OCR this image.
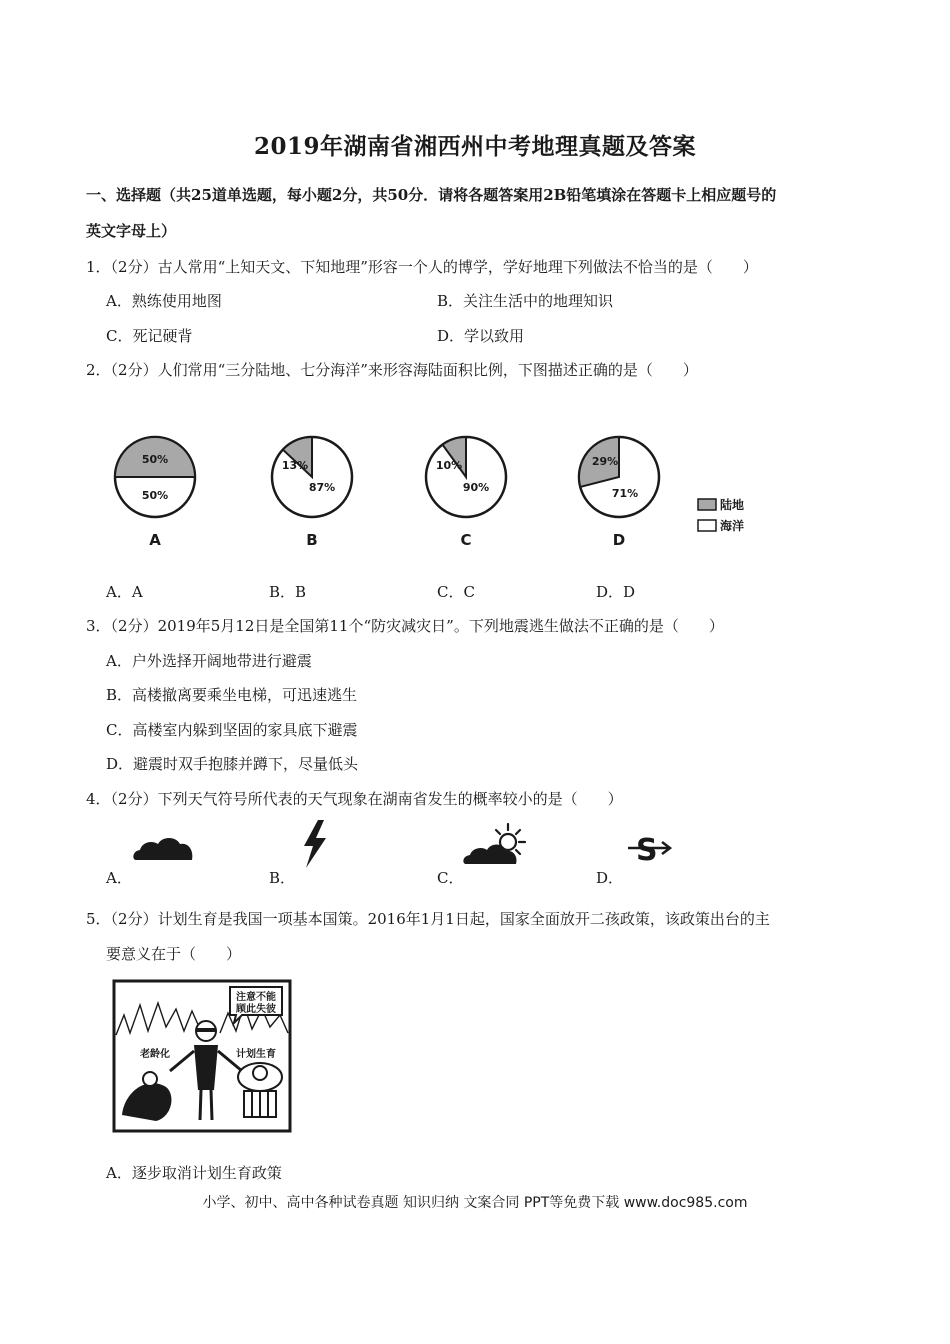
2019年湖南省湘西州中考地理真题及答案
一、选择题（共25道单选题，每小题2分，共50分．请将各题答案用2B铅笔填涂在答题卡上相应题号的
英文字母上）
1．（2分）古人常用“上知天文、下知地理”形容一个人的博学，学好地理下列做法不恰当的是（　　）
A．熟练使用地图	B．关注生活中的地理知识
C．死记硬背	D．学以致用
2．（2分）人们常用“三分陆地、七分海洋”来形容海陆面积比例，下图描述正确的是（　　）
50%
50%
A
13%
87%
B
10%
90%
C
29%
71%
D
陆地
海洋
A．A	B．B	C．C	D．D
3．（2分）2019年5月12日是全国第11个“防灾减灾日”。下列地震逃生做法不正确的是（　　）
A．户外选择开阔地带进行避震
B．高楼撤离要乘坐电梯，可迅速逃生
C．高楼室内躲到坚固的家具底下避震
D．避震时双手抱膝并蹲下，尽量低头
4．（2分）下列天气符号所代表的天气现象在湖南省发生的概率较小的是（　　）
S
A．	B．	C．	D．
5．（2分）计划生育是我国一项基本国策。2016年1月1日起，国家全面放开二孩政策，该政策出台的主
要意义在于（　　）
注意不能
顾此失彼
老龄化	计划生育
A．逐步取消计划生育政策
小学、初中、高中各种试卷真题 知识归纳 文案合同 PPT等免费下载 www.doc985.com
